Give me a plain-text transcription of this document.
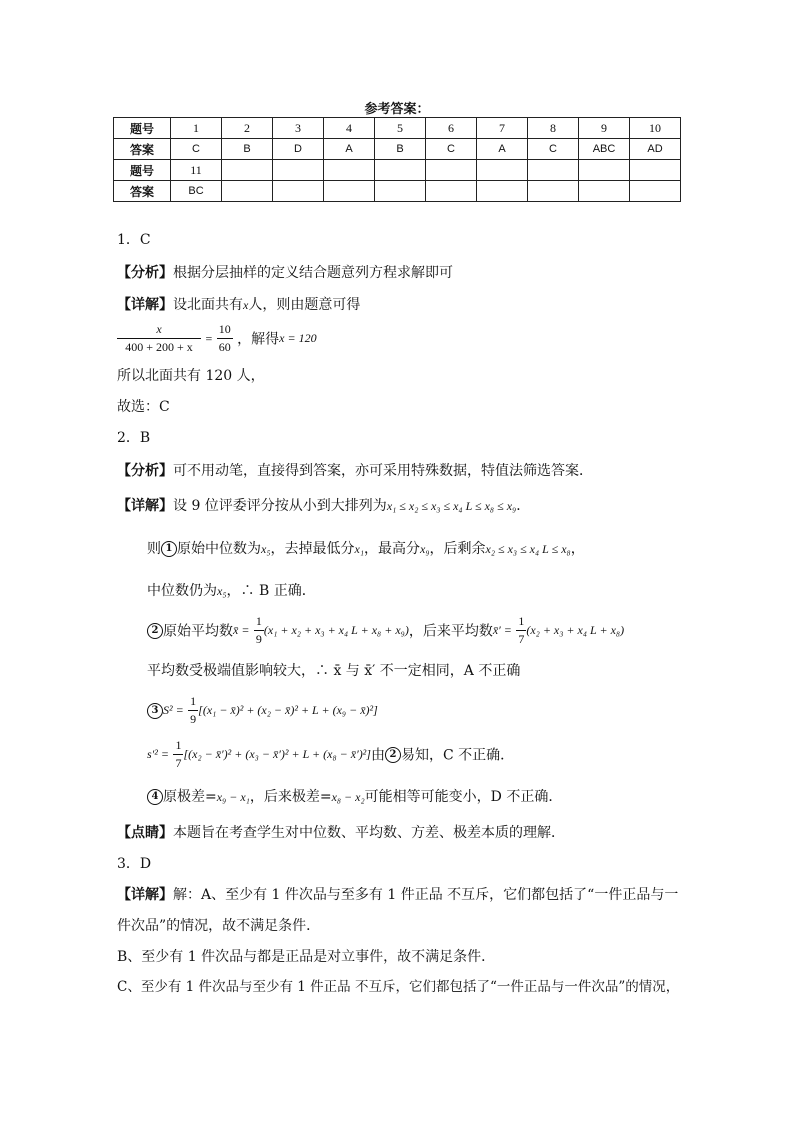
参考答案：
题号	1	2	3	4	5	6	7	8	9	10
答案	C	B	D	A	B	C	A	C	ABC	AD
题号	11									
答案	BC									
1．C
【分析】根据分层抽样的定义结合题意列方程求解即可
【详解】设北面共有x人，则由题意可得
$\frac{x}{400 + 200 + x} = \frac{10}{60}$ ，解得x = 120
所以北面共有 120 人，
故选：C
2．B
【分析】可不用动笔，直接得到答案，亦可采用特殊数据，特值法筛选答案．
【详解】设 9 位评委评分按从小到大排列为x₁ ≤ x₂ ≤ x₃ ≤ x₄ L ≤ x₈ ≤ x₉．
则 1 原始中位数为x₅，去掉最低分x₁，最高分x₉，后剩余x₂ ≤ x₃ ≤ x₄ L ≤ x₈，
中位数仍为x₅，∴ B 正确．
2 原始平均数x̄ = $\frac{1}{9} (x_1 + x_2 + x_3 + x_4$ L + x₈ + x₉)，后来平均数x̄′ = $\frac{1}{7} (x_2 + x_3 + x_4$ L + x₈)
平均数受极端值影响较大，∴ x̄ 与 x̄′ 不一定相同，A 不正确
3 $S^2 = \frac{1}{9} [(x_1$ − x̄)² + (x₂ − x̄)² + L + (x₉ − x̄)²]
$s'^2 = \frac{1}{7} [(x_2$ − x̄′)² + (x₃ − x̄′)² + L + (x₈ − x̄′)²]由 2 易知，C 不正确．
4 原极差=x₉ − x₁，后来极差=x₈ − x₂可能相等可能变小，D 不正确．
【点睛】本题旨在考查学生对中位数、平均数、方差、极差本质的理解．
3．D
【详解】解：A、至少有 1 件次品与至多有 1 件正品 不互斥，它们都包括了“一件正品与一
件次品”的情况，故不满足条件．
B、至少有 1 件次品与都是正品是对立事件，故不满足条件．
C、至少有 1 件次品与至少有 1 件正品 不互斥，它们都包括了“一件正品与一件次品”的情况，
